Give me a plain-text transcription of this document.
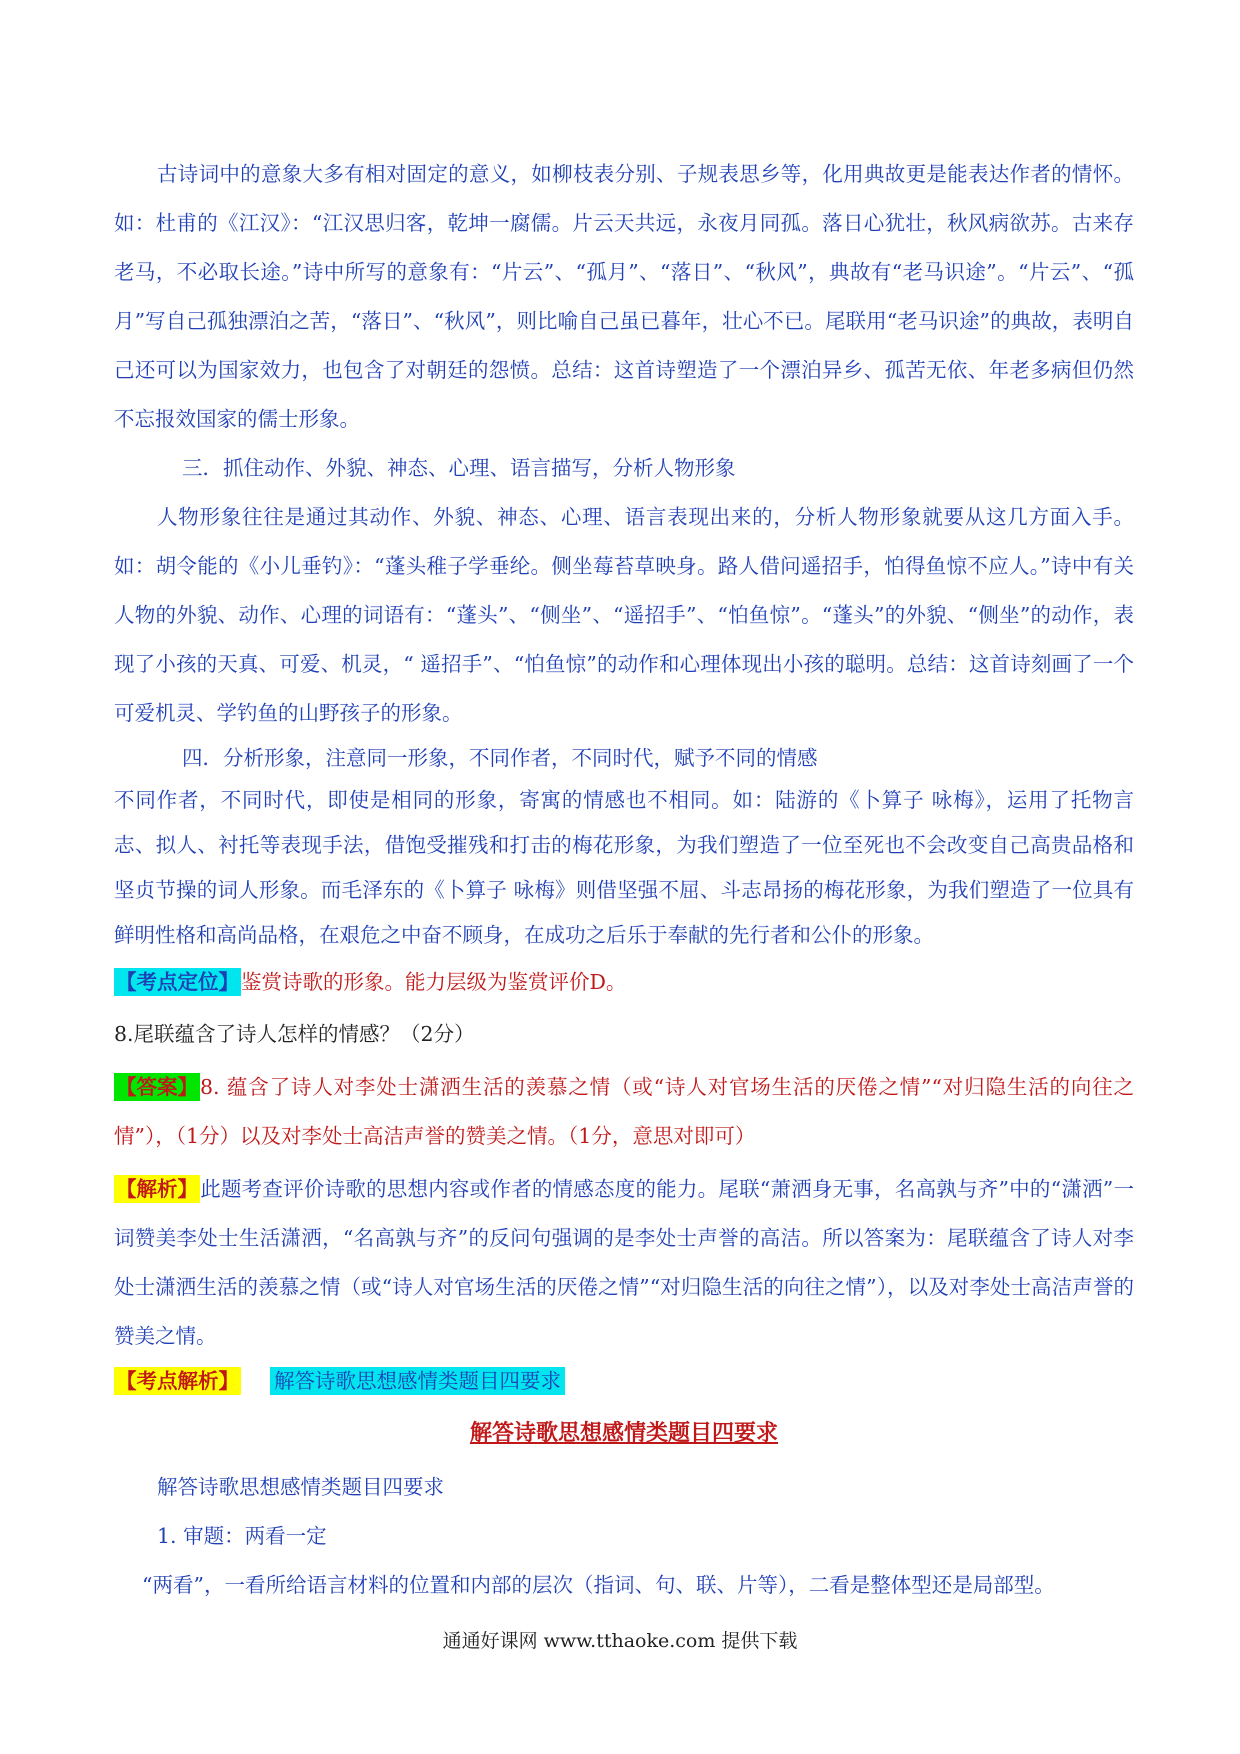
古诗词中的意象大多有相对固定的意义，如柳枝表分别、子规表思乡等，化用典故更是能表达作者的情怀。如：杜甫的《江汉》：“江汉思归客，乾坤一腐儒。片云天共远，永夜月同孤。落日心犹壮，秋风病欲苏。古来存老马，不必取长途。”诗中所写的意象有：“片云”、“孤月”、“落日”、“秋风”，典故有“老马识途”。“片云”、“孤月”写自己孤独漂泊之苦，“落日”、“秋风”，则比喻自己虽已暮年，壮心不已。尾联用“老马识途”的典故，表明自己还可以为国家效力，也包含了对朝廷的怨愤。总结：这首诗塑造了一个漂泊异乡、孤苦无依、年老多病但仍然不忘报效国家的儒士形象。

三．抓住动作、外貌、神态、心理、语言描写，分析人物形象

人物形象往往是通过其动作、外貌、神态、心理、语言表现出来的，分析人物形象就要从这几方面入手。如：胡令能的《小儿垂钓》：“蓬头稚子学垂纶。侧坐莓苔草映身。路人借问遥招手，怕得鱼惊不应人。”诗中有关人物的外貌、动作、心理的词语有：“蓬头”、“侧坐”、“遥招手”、“怕鱼惊”。“蓬头”的外貌、“侧坐”的动作，表现了小孩的天真、可爱、机灵，“ 遥招手”、“怕鱼惊”的动作和心理体现出小孩的聪明。总结：这首诗刻画了一个可爱机灵、学钓鱼的山野孩子的形象。

四．分析形象，注意同一形象，不同作者，不同时代，赋予不同的情感

不同作者，不同时代，即使是相同的形象，寄寓的情感也不相同。如：陆游的《卜算子 咏梅》，运用了托物言志、拟人、衬托等表现手法，借饱受摧残和打击的梅花形象，为我们塑造了一位至死也不会改变自己高贵品格和坚贞节操的词人形象。而毛泽东的《卜算子 咏梅》则借坚强不屈、斗志昂扬的梅花形象，为我们塑造了一位具有鲜明性格和高尚品格，在艰危之中奋不顾身，在成功之后乐于奉献的先行者和公仆的形象。

【考点定位】鉴赏诗歌的形象。能力层级为鉴赏评价D。

8.尾联蕴含了诗人怎样的情感？（2分）

【答案】8. 蕴含了诗人对李处士潇洒生活的羡慕之情（或“诗人对官场生活的厌倦之情”“对归隐生活的向往之情”），（1分）以及对李处士高洁声誉的赞美之情。（1分，意思对即可）

【解析】此题考查评价诗歌的思想内容或作者的情感态度的能力。尾联“萧洒身无事，名高孰与齐”中的“潇洒”一词赞美李处士生活潇洒，“名高孰与齐”的反问句强调的是李处士声誉的高洁。所以答案为：尾联蕴含了诗人对李处士潇洒生活的羡慕之情（或“诗人对官场生活的厌倦之情”“对归隐生活的向往之情”），以及对李处士高洁声誉的赞美之情。

【考点解析】 解答诗歌思想感情类题目四要求

解答诗歌思想感情类题目四要求

解答诗歌思想感情类题目四要求

1. 审题：两看一定

“两看”，一看所给语言材料的位置和内部的层次（指词、句、联、片等），二看是整体型还是局部型。

通通好课网 www.tthaoke.com 提供下载
